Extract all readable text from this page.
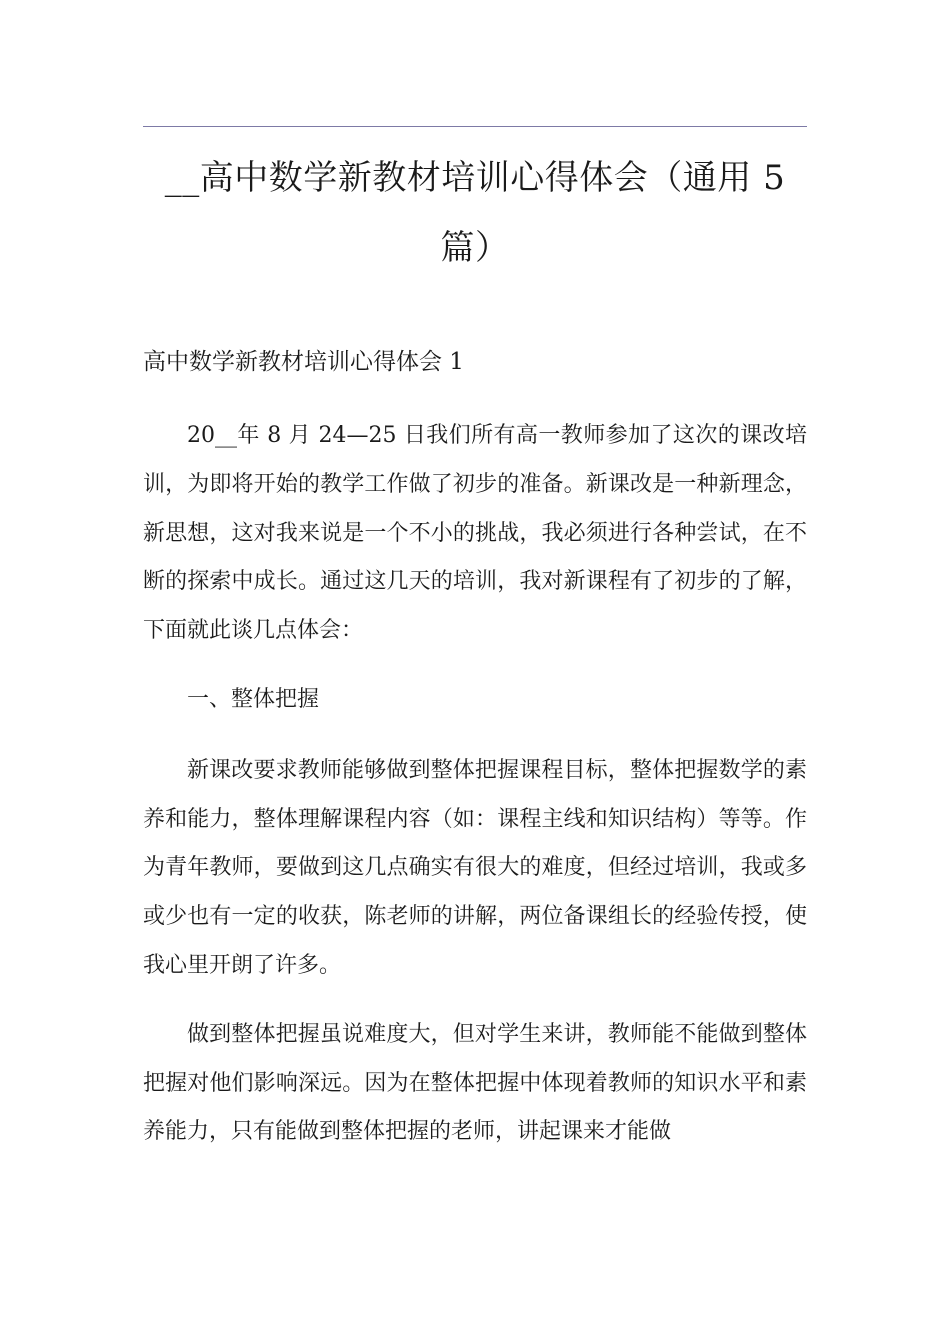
__高中数学新教材培训心得体会（通用 5 篇）
高中数学新教材培训心得体会 1

20__年 8 月 24—25 日我们所有高一教师参加了这次的课改培训，为即将开始的教学工作做了初步的准备。新课改是一种新理念，新思想，这对我来说是一个不小的挑战，我必须进行各种尝试，在不断的探索中成长。通过这几天的培训，我对新课程有了初步的了解，下面就此谈几点体会：

一、整体把握

新课改要求教师能够做到整体把握课程目标，整体把握数学的素养和能力，整体理解课程内容（如：课程主线和知识结构）等等。作为青年教师，要做到这几点确实有很大的难度，但经过培训，我或多或少也有一定的收获，陈老师的讲解，两位备课组长的经验传授，使我心里开朗了许多。

做到整体把握虽说难度大，但对学生来讲，教师能不能做到整体把握对他们影响深远。因为在整体把握中体现着教师的知识水平和素养能力，只有能做到整体把握的老师，讲起课来才能做
